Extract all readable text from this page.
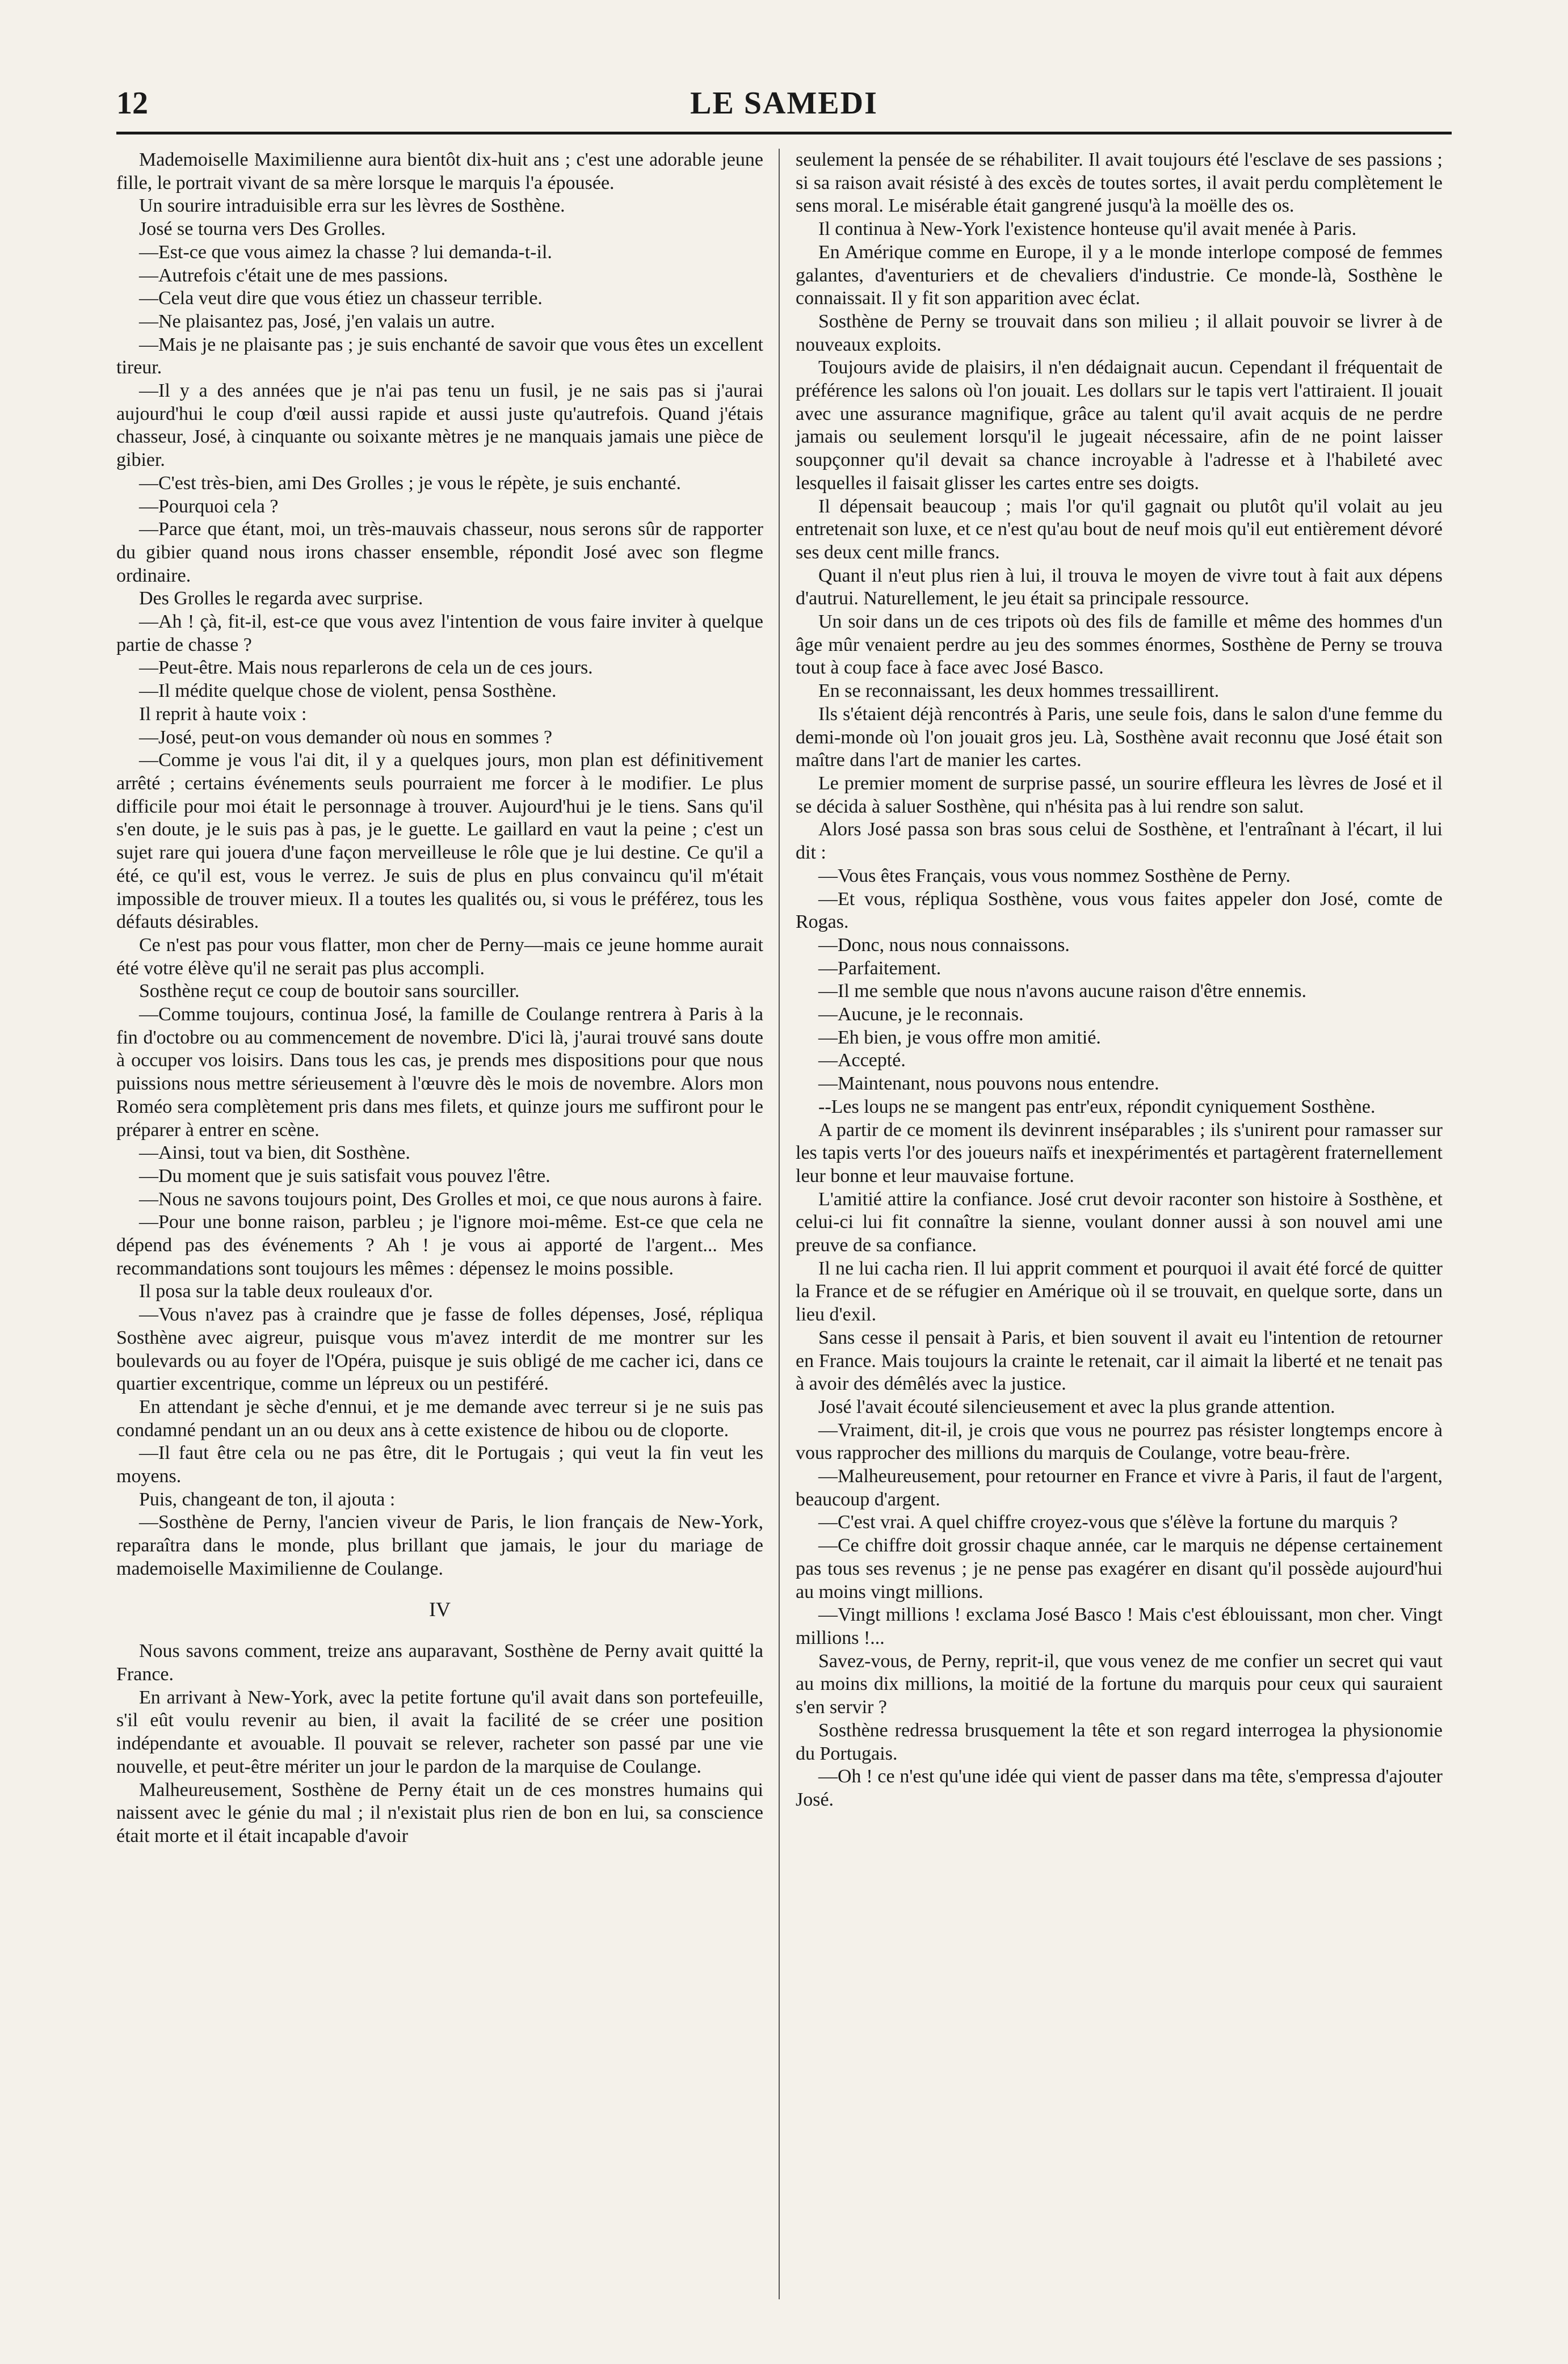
12	LE SAMEDI

Mademoiselle Maximilienne aura bientôt dix-huit ans ; c'est une adorable jeune fille, le portrait vivant de sa mère lorsque le marquis l'a épousée.

Un sourire intraduisible erra sur les lèvres de Sosthène.

José se tourna vers Des Grolles.

—Est-ce que vous aimez la chasse ? lui demanda-t-il.

—Autrefois c'était une de mes passions.

—Cela veut dire que vous étiez un chasseur terrible.

—Ne plaisantez pas, José, j'en valais un autre.

—Mais je ne plaisante pas ; je suis enchanté de savoir que vous êtes un excellent tireur.

—Il y a des années que je n'ai pas tenu un fusil, je ne sais pas si j'aurai aujourd'hui le coup d'œil aussi rapide et aussi juste qu'autrefois. Quand j'étais chasseur, José, à cinquante ou soixante mètres je ne manquais jamais une pièce de gibier.

—C'est très-bien, ami Des Grolles ; je vous le répète, je suis enchanté.

—Pourquoi cela ?

—Parce que étant, moi, un très-mauvais chasseur, nous serons sûr de rapporter du gibier quand nous irons chasser ensemble, répondit José avec son flegme ordinaire.

Des Grolles le regarda avec surprise.

—Ah ! çà, fit-il, est-ce que vous avez l'intention de vous faire inviter à quelque partie de chasse ?

—Peut-être. Mais nous reparlerons de cela un de ces jours.

—Il médite quelque chose de violent, pensa Sosthène.

Il reprit à haute voix :

—José, peut-on vous demander où nous en sommes ?

—Comme je vous l'ai dit, il y a quelques jours, mon plan est définitivement arrêté ; certains événements seuls pourraient me forcer à le modifier. Le plus difficile pour moi était le personnage à trouver. Aujourd'hui je le tiens. Sans qu'il s'en doute, je le suis pas à pas, je le guette. Le gaillard en vaut la peine ; c'est un sujet rare qui jouera d'une façon merveilleuse le rôle que je lui destine. Ce qu'il a été, ce qu'il est, vous le verrez. Je suis de plus en plus convaincu qu'il m'était impossible de trouver mieux. Il a toutes les qualités ou, si vous le préférez, tous les défauts désirables.

Ce n'est pas pour vous flatter, mon cher de Perny—mais ce jeune homme aurait été votre élève qu'il ne serait pas plus accompli.

Sosthène reçut ce coup de boutoir sans sourciller.

—Comme toujours, continua José, la famille de Coulange rentrera à Paris à la fin d'octobre ou au commencement de novembre. D'ici là, j'aurai trouvé sans doute à occuper vos loisirs. Dans tous les cas, je prends mes dispositions pour que nous puissions nous mettre sérieusement à l'œuvre dès le mois de novembre. Alors mon Roméo sera complètement pris dans mes filets, et quinze jours me suffiront pour le préparer à entrer en scène.

—Ainsi, tout va bien, dit Sosthène.

—Du moment que je suis satisfait vous pouvez l'être.

—Nous ne savons toujours point, Des Grolles et moi, ce que nous aurons à faire.

—Pour une bonne raison, parbleu ; je l'ignore moi-même. Est-ce que cela ne dépend pas des événements ? Ah ! je vous ai apporté de l'argent... Mes recommandations sont toujours les mêmes : dépensez le moins possible.

Il posa sur la table deux rouleaux d'or.

—Vous n'avez pas à craindre que je fasse de folles dépenses, José, répliqua Sosthène avec aigreur, puisque vous m'avez interdit de me montrer sur les boulevards ou au foyer de l'Opéra, puisque je suis obligé de me cacher ici, dans ce quartier excentrique, comme un lépreux ou un pestiféré.

En attendant je sèche d'ennui, et je me demande avec terreur si je ne suis pas condamné pendant un an ou deux ans à cette existence de hibou ou de cloporte.

—Il faut être cela ou ne pas être, dit le Portugais ; qui veut la fin veut les moyens.

Puis, changeant de ton, il ajouta :

—Sosthène de Perny, l'ancien viveur de Paris, le lion français de New-York, reparaîtra dans le monde, plus brillant que jamais, le jour du mariage de mademoiselle Maximilienne de Coulange.

IV

Nous savons comment, treize ans auparavant, Sosthène de Perny avait quitté la France.

En arrivant à New-York, avec la petite fortune qu'il avait dans son portefeuille, s'il eût voulu revenir au bien, il avait la facilité de se créer une position indépendante et avouable. Il pouvait se relever, racheter son passé par une vie nouvelle, et peut-être mériter un jour le pardon de la marquise de Coulange.

Malheureusement, Sosthène de Perny était un de ces monstres humains qui naissent avec le génie du mal ; il n'existait plus rien de bon en lui, sa conscience était morte et il était incapable d'avoir

seulement la pensée de se réhabiliter. Il avait toujours été l'esclave de ses passions ; si sa raison avait résisté à des excès de toutes sortes, il avait perdu complètement le sens moral. Le misérable était gangrené jusqu'à la moëlle des os.

Il continua à New-York l'existence honteuse qu'il avait menée à Paris.

En Amérique comme en Europe, il y a le monde interlope composé de femmes galantes, d'aventuriers et de chevaliers d'industrie. Ce monde-là, Sosthène le connaissait. Il y fit son apparition avec éclat.

Sosthène de Perny se trouvait dans son milieu ; il allait pouvoir se livrer à de nouveaux exploits.

Toujours avide de plaisirs, il n'en dédaignait aucun. Cependant il fréquentait de préférence les salons où l'on jouait. Les dollars sur le tapis vert l'attiraient. Il jouait avec une assurance magnifique, grâce au talent qu'il avait acquis de ne perdre jamais ou seulement lorsqu'il le jugeait nécessaire, afin de ne point laisser soupçonner qu'il devait sa chance incroyable à l'adresse et à l'habileté avec lesquelles il faisait glisser les cartes entre ses doigts.

Il dépensait beaucoup ; mais l'or qu'il gagnait ou plutôt qu'il volait au jeu entretenait son luxe, et ce n'est qu'au bout de neuf mois qu'il eut entièrement dévoré ses deux cent mille francs.

Quant il n'eut plus rien à lui, il trouva le moyen de vivre tout à fait aux dépens d'autrui. Naturellement, le jeu était sa principale ressource.

Un soir dans un de ces tripots où des fils de famille et même des hommes d'un âge mûr venaient perdre au jeu des sommes énormes, Sosthène de Perny se trouva tout à coup face à face avec José Basco.

En se reconnaissant, les deux hommes tressaillirent.

Ils s'étaient déjà rencontrés à Paris, une seule fois, dans le salon d'une femme du demi-monde où l'on jouait gros jeu. Là, Sosthène avait reconnu que José était son maître dans l'art de manier les cartes.

Le premier moment de surprise passé, un sourire effleura les lèvres de José et il se décida à saluer Sosthène, qui n'hésita pas à lui rendre son salut.

Alors José passa son bras sous celui de Sosthène, et l'entraînant à l'écart, il lui dit :

—Vous êtes Français, vous vous nommez Sosthène de Perny.

—Et vous, répliqua Sosthène, vous vous faites appeler don José, comte de Rogas.

—Donc, nous nous connaissons.

—Parfaitement.

—Il me semble que nous n'avons aucune raison d'être ennemis.

—Aucune, je le reconnais.

—Eh bien, je vous offre mon amitié.

—Accepté.

—Maintenant, nous pouvons nous entendre.

--Les loups ne se mangent pas entr'eux, répondit cyniquement Sosthène.

A partir de ce moment ils devinrent inséparables ; ils s'unirent pour ramasser sur les tapis verts l'or des joueurs naïfs et inexpérimentés et partagèrent fraternellement leur bonne et leur mauvaise fortune.

L'amitié attire la confiance. José crut devoir raconter son histoire à Sosthène, et celui-ci lui fit connaître la sienne, voulant donner aussi à son nouvel ami une preuve de sa confiance.

Il ne lui cacha rien. Il lui apprit comment et pourquoi il avait été forcé de quitter la France et de se réfugier en Amérique où il se trouvait, en quelque sorte, dans un lieu d'exil.

Sans cesse il pensait à Paris, et bien souvent il avait eu l'intention de retourner en France. Mais toujours la crainte le retenait, car il aimait la liberté et ne tenait pas à avoir des démêlés avec la justice.

José l'avait écouté silencieusement et avec la plus grande attention.

—Vraiment, dit-il, je crois que vous ne pourrez pas résister longtemps encore à vous rapprocher des millions du marquis de Coulange, votre beau-frère.

—Malheureusement, pour retourner en France et vivre à Paris, il faut de l'argent, beaucoup d'argent.

—C'est vrai. A quel chiffre croyez-vous que s'élève la fortune du marquis ?

—Ce chiffre doit grossir chaque année, car le marquis ne dépense certainement pas tous ses revenus ; je ne pense pas exagérer en disant qu'il possède aujourd'hui au moins vingt millions.

—Vingt millions ! exclama José Basco ! Mais c'est éblouissant, mon cher. Vingt millions !...

Savez-vous, de Perny, reprit-il, que vous venez de me confier un secret qui vaut au moins dix millions, la moitié de la fortune du marquis pour ceux qui sauraient s'en servir ?

Sosthène redressa brusquement la tête et son regard interrogea la physionomie du Portugais.

—Oh ! ce n'est qu'une idée qui vient de passer dans ma tête, s'empressa d'ajouter José.
